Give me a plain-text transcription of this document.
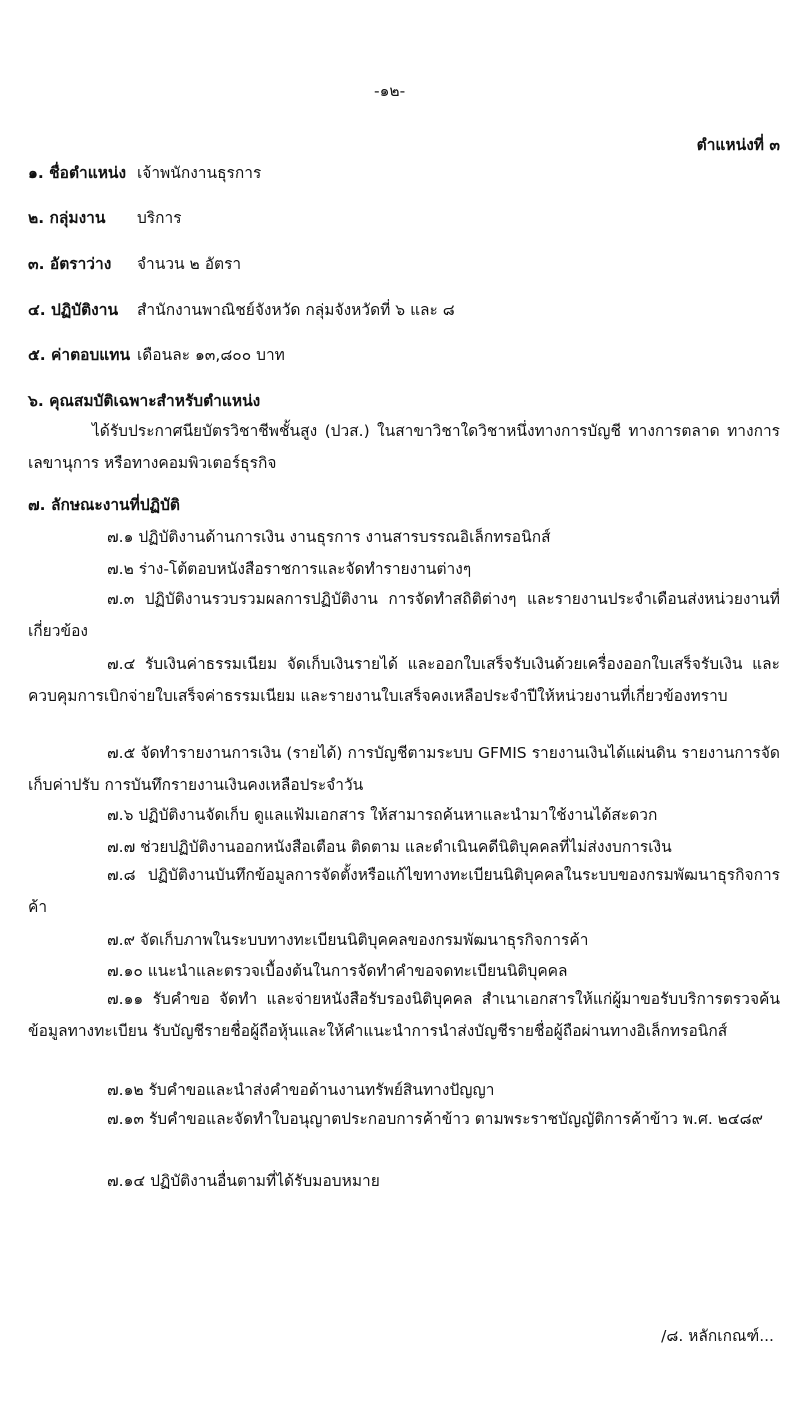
-๑๒-
ตำแหน่งที่ ๓
๑. ชื่อตำแหน่ง เจ้าพนักงานธุรการ
๒. กลุ่มงาน บริการ
๓. อัตราว่าง จำนวน ๒ อัตรา
๔. ปฏิบัติงาน สำนักงานพาณิชย์จังหวัด กลุ่มจังหวัดที่ ๖ และ ๘
๕. ค่าตอบแทน เดือนละ ๑๓,๘๐๐ บาท
๖. คุณสมบัติเฉพาะสำหรับตำแหน่ง
ได้รับประกาศนียบัตรวิชาชีพชั้นสูง (ปวส.) ในสาขาวิชาใดวิชาหนึ่งทางการบัญชี ทางการตลาด ทางการเลขานุการ หรือทางคอมพิวเตอร์ธุรกิจ
๗. ลักษณะงานที่ปฏิบัติ
๗.๑ ปฏิบัติงานด้านการเงิน งานธุรการ งานสารบรรณอิเล็กทรอนิกส์
๗.๒ ร่าง-โต้ตอบหนังสือราชการและจัดทำรายงานต่างๆ
๗.๓ ปฏิบัติงานรวบรวมผลการปฏิบัติงาน การจัดทำสถิติต่างๆ และรายงานประจำเดือนส่งหน่วยงานที่เกี่ยวข้อง
๗.๔ รับเงินค่าธรรมเนียม จัดเก็บเงินรายได้ และออกใบเสร็จรับเงินด้วยเครื่องออกใบเสร็จรับเงิน และควบคุมการเบิกจ่ายใบเสร็จค่าธรรมเนียม และรายงานใบเสร็จคงเหลือประจำปีให้หน่วยงานที่เกี่ยวข้องทราบ
๗.๕ จัดทำรายงานการเงิน (รายได้) การบัญชีตามระบบ GFMIS รายงานเงินได้แผ่นดิน รายงานการจัดเก็บค่าปรับ การบันทึกรายงานเงินคงเหลือประจำวัน
๗.๖ ปฏิบัติงานจัดเก็บ ดูแลแฟ้มเอกสาร ให้สามารถค้นหาและนำมาใช้งานได้สะดวก
๗.๗ ช่วยปฏิบัติงานออกหนังสือเตือน ติดตาม และดำเนินคดีนิติบุคคลที่ไม่ส่งงบการเงิน
๗.๘ ปฏิบัติงานบันทึกข้อมูลการจัดตั้งหรือแก้ไขทางทะเบียนนิติบุคคลในระบบของกรมพัฒนาธุรกิจการค้า
๗.๙ จัดเก็บภาพในระบบทางทะเบียนนิติบุคคลของกรมพัฒนาธุรกิจการค้า
๗.๑๐ แนะนำและตรวจเบื้องต้นในการจัดทำคำขอจดทะเบียนนิติบุคคล
๗.๑๑ รับคำขอ จัดทำ และจ่ายหนังสือรับรองนิติบุคคล สำเนาเอกสารให้แก่ผู้มาขอรับบริการตรวจค้นข้อมูลทางทะเบียน รับบัญชีรายชื่อผู้ถือหุ้นและให้คำแนะนำการนำส่งบัญชีรายชื่อผู้ถือผ่านทางอิเล็กทรอนิกส์
๗.๑๒ รับคำขอและนำส่งคำขอด้านงานทรัพย์สินทางปัญญา
๗.๑๓ รับคำขอและจัดทำใบอนุญาตประกอบการค้าข้าว ตามพระราชบัญญัติการค้าข้าว พ.ศ. ๒๔๘๙
๗.๑๔ ปฏิบัติงานอื่นตามที่ได้รับมอบหมาย
/๘. หลักเกณฑ์...
